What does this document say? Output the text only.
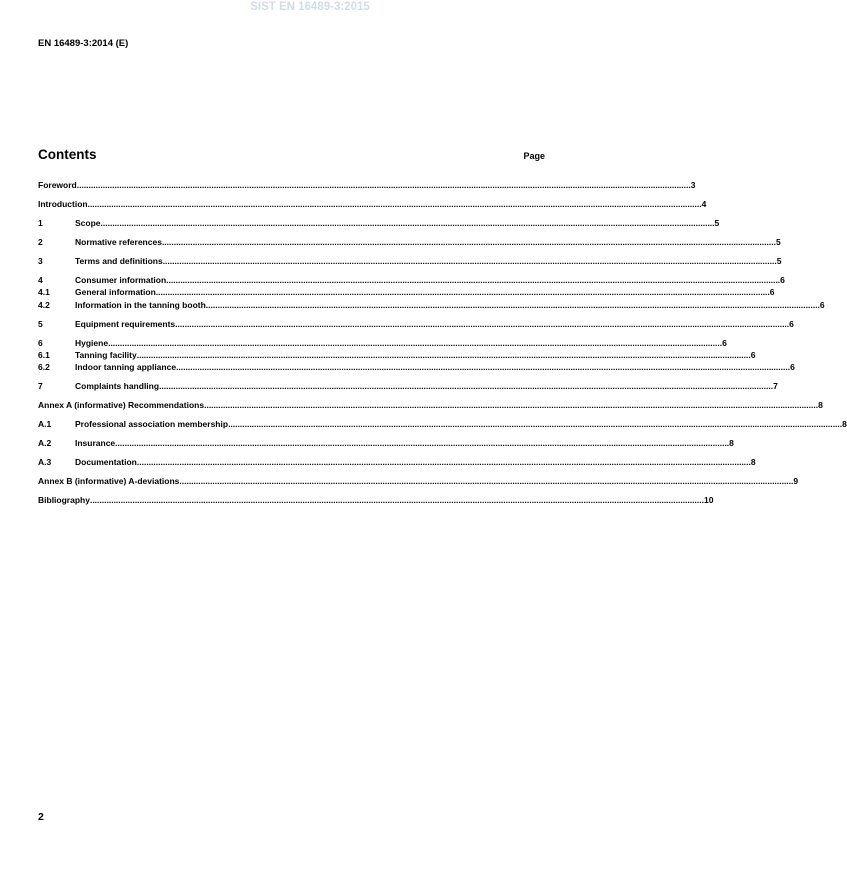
SIST EN 16489-3:2015
EN 16489-3:2014 (E)
Contents	Page
Foreword .................................................................................................................................................................................................................................................................... 3
Introduction .................................................................................................................................................................................................................................................................... 4
1	Scope .................................................................................................................................................................................................................................................................... 5
2	Normative references .................................................................................................................................................................................................................................................................... 5
3	Terms and definitions .................................................................................................................................................................................................................................................................... 5
4	Consumer information .................................................................................................................................................................................................................................................................... 6
4.1	General information .................................................................................................................................................................................................................................................................... 6
4.2	Information in the tanning booth .................................................................................................................................................................................................................................................................... 6
5	Equipment requirements .................................................................................................................................................................................................................................................................... 6
6	Hygiene .................................................................................................................................................................................................................................................................... 6
6.1	Tanning facility .................................................................................................................................................................................................................................................................... 6
6.2	Indoor tanning appliance .................................................................................................................................................................................................................................................................... 6
7	Complaints handling .................................................................................................................................................................................................................................................................... 7
Annex A (informative) Recommendations .................................................................................................................................................................................................................................................................... 8
A.1	Professional association membership .................................................................................................................................................................................................................................................................... 8
A.2	Insurance .................................................................................................................................................................................................................................................................... 8
A.3	Documentation .................................................................................................................................................................................................................................................................... 8
Annex B (informative) A-deviations .................................................................................................................................................................................................................................................................... 9
Bibliography .................................................................................................................................................................................................................................................................... 10
2
